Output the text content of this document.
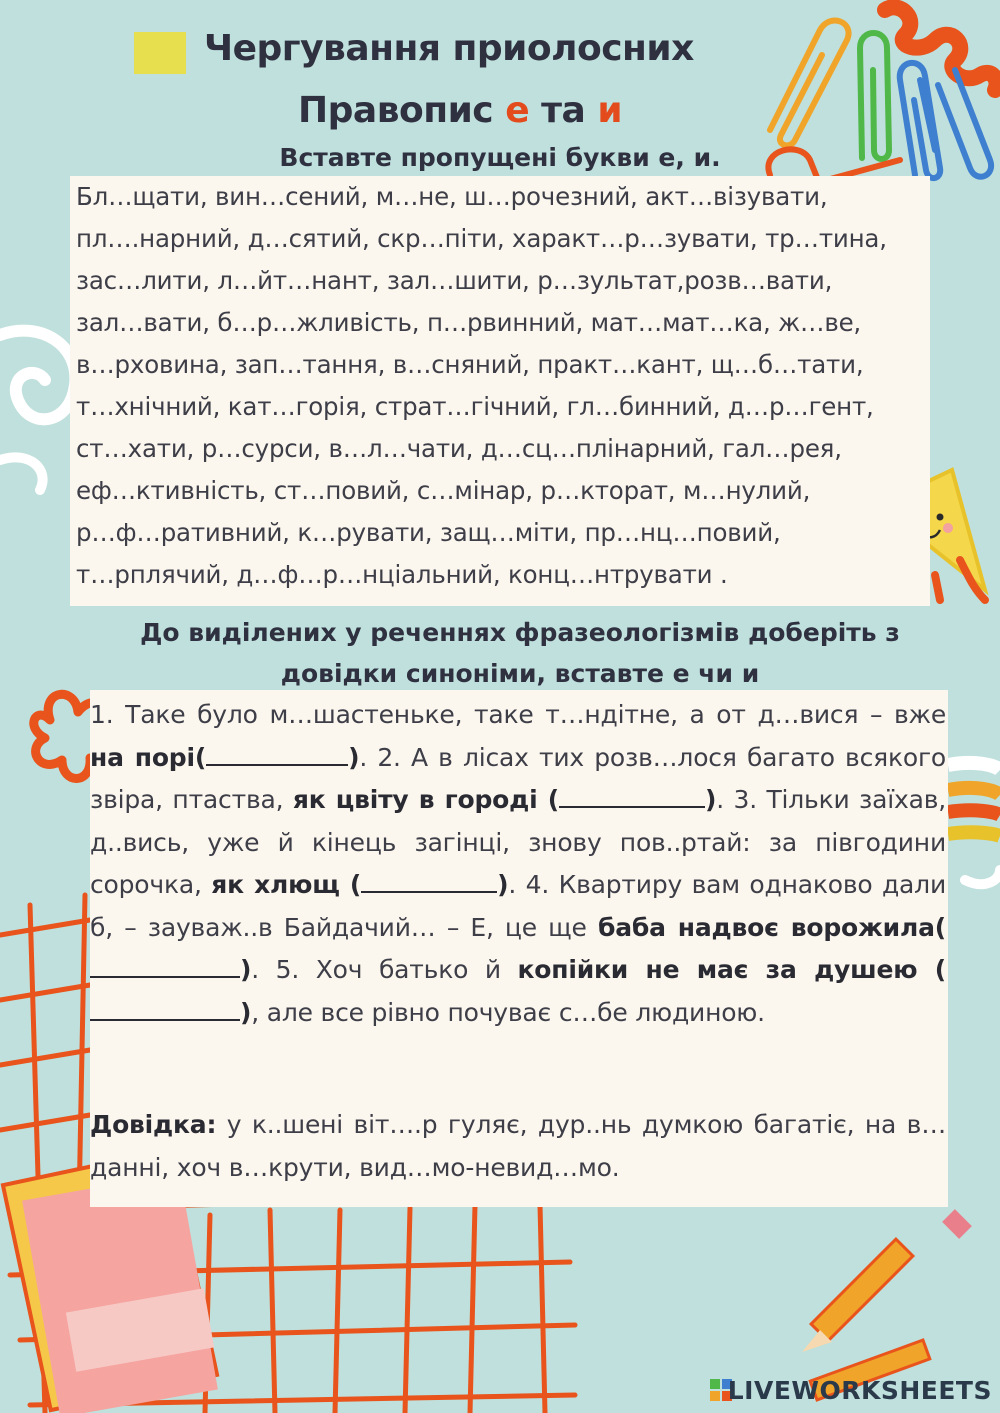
Чергування приолосних
Правопис е та и
Вставте пропущені букви е, и.
Бл…щати, вин…сений, м…не, ш…рочезний, акт…візувати,
пл….нарний, д…сятий, скр…піти, характ…р…зувати, тр…тина,
зас…лити, л…йт…нант, зал…шити, р…зультат,розв…вати,
зал…вати, б…р…жливість, п…рвинний, мат…мат…ка, ж…ве,
в…рховина, зап…тання, в…сняний, практ…кант, щ…б…тати,
т…хнічний, кат…горія, страт…гічний, гл…бинний, д…р…гент,
ст…хати, р…сурси, в…л…чати, д…сц…плінарний, гал…рея,
еф…ктивність, ст…повий, с…мінар, р…кторат, м…нулий,
р…ф…ративний, к…рувати, защ…міти, пр…нц…повий,
т…рплячий, д…ф…р…нціальний, конц…нтрувати .
До виділених у реченнях фразеологізмів доберіть з
довідки синоніми, вставте е чи и
1. Таке було м…шастеньке, таке т…ндітне, а от д…вися – вже на порі(	). 2. А в лісах тих розв…лося багато всякого звіра, птаства, як цвіту в городі (	). 3. Тільки заїхав, д..вись, уже й кінець загінці, знову пов..ртай: за півгодини сорочка, як хлющ (	). 4. Квартиру вам однаково дали б, – зауваж..в Байдачий… – Е, це ще баба надвоє ворожила(). 5. Хоч батько й копійки не має за душею (), але все рівно почуває с…бе людиною.
Довідка: у к..шені віт….р гуляє, дур..нь думкою багатіє, на в…данні, хоч в…крути, вид…мо-невид…мо.
LIVEWORKSHEETS
